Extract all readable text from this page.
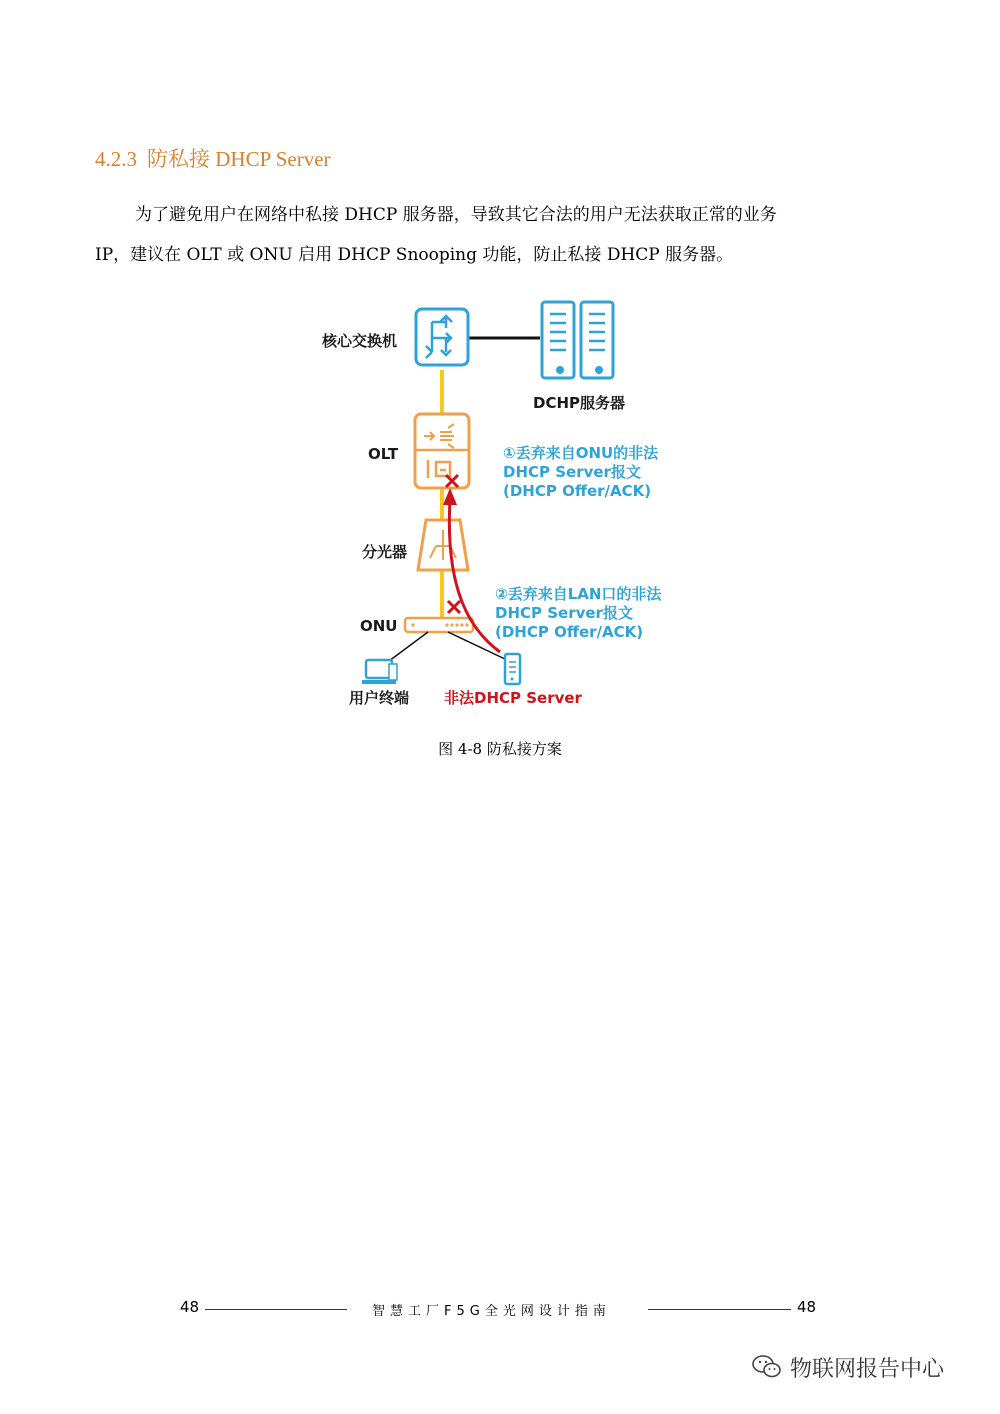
4.2.3 防私接 DHCP Server
为了避免用户在网络中私接 DHCP 服务器，导致其它合法的用户无法获取正常的业务
IP，建议在 OLT 或 ONU 启用 DHCP Snooping 功能，防止私接 DHCP 服务器。
核心交换机
DCHP服务器
OLT
分光器
ONU
用户终端 非法DHCP Server
①丢弃来自ONU的非法
DHCP Server报文
(DHCP Offer/ACK)
②丢弃来自LAN口的非法
DHCP Server报文
(DHCP Offer/ACK)
图 4-8 防私接方案
48	智慧工厂F5G全光网设计指南	48
物联网报告中心
